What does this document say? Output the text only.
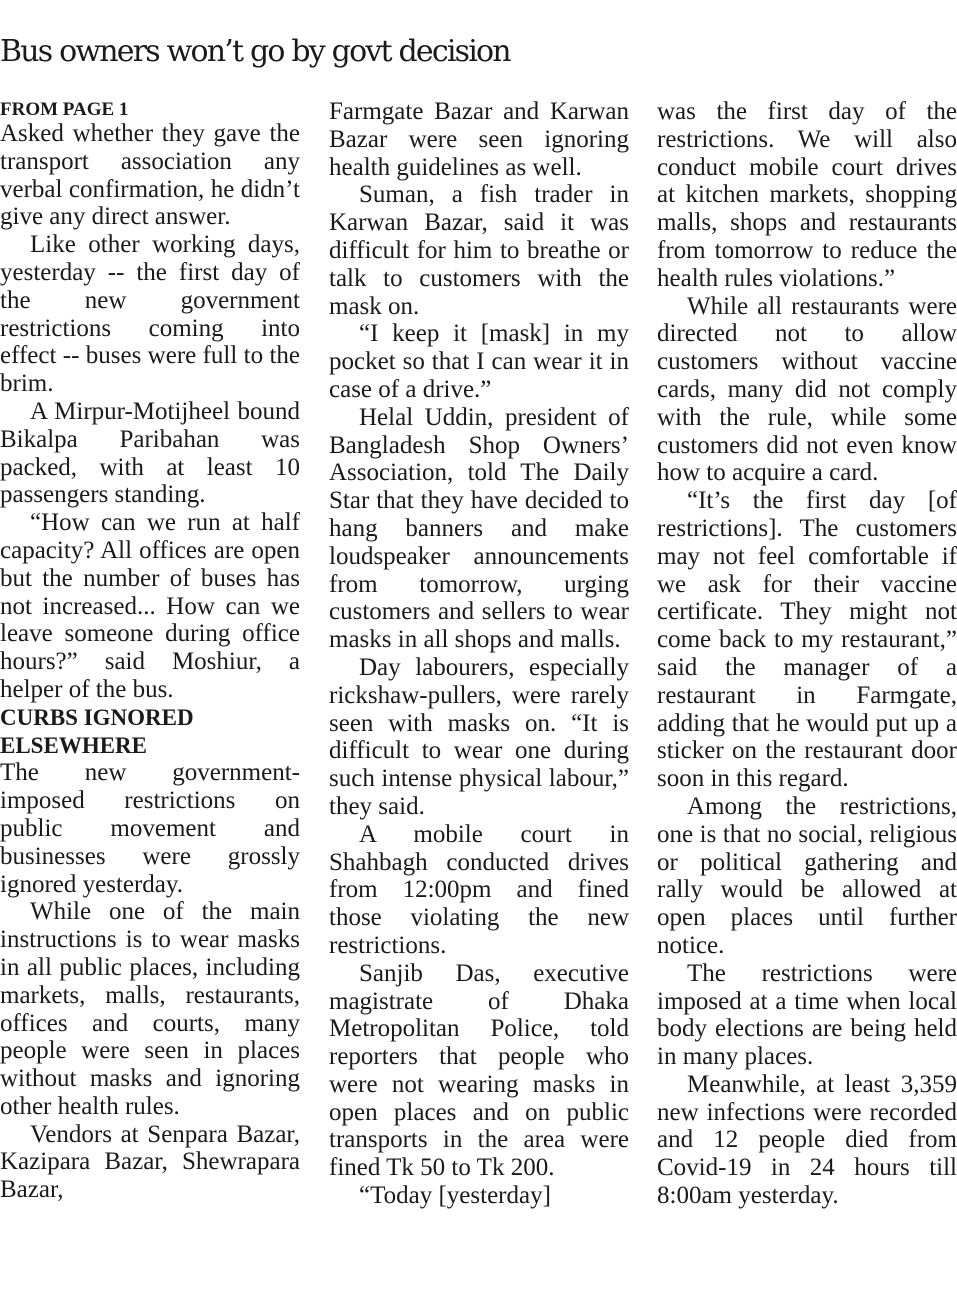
Bus owners won’t go by govt decision
FROM PAGE 1

Asked whether they gave the transport association any verbal confirmation, he didn’t give any direct answer.

Like other working days, yesterday -- the first day of the new government restrictions coming into effect -- buses were full to the brim.

A Mirpur-Motijheel bound Bikalpa Paribahan was packed, with at least 10 passengers standing.

“How can we run at half capacity? All offices are open but the number of buses has not increased... How can we leave someone during office hours?” said Moshiur, a helper of the bus.

CURBS IGNORED ELSEWHERE

The new government-imposed restrictions on public movement and businesses were grossly ignored yesterday.

While one of the main instructions is to wear masks in all public places, including markets, malls, restaurants, offices and courts, many people were seen in places without masks and ignoring other health rules.

Vendors at Senpara Bazar, Kazipara Bazar, Shewrapara Bazar,

Farmgate Bazar and Karwan Bazar were seen ignoring health guidelines as well.

Suman, a fish trader in Karwan Bazar, said it was difficult for him to breathe or talk to customers with the mask on.

“I keep it [mask] in my pocket so that I can wear it in case of a drive.”

Helal Uddin, president of Bangladesh Shop Owners’ Association, told The Daily Star that they have decided to hang banners and make loudspeaker announcements from tomorrow, urging customers and sellers to wear masks in all shops and malls.

Day labourers, especially rickshaw-pullers, were rarely seen with masks on. “It is difficult to wear one during such intense physical labour,” they said.

A mobile court in Shahbagh conducted drives from 12:00pm and fined those violating the new restrictions.

Sanjib Das, executive magistrate of Dhaka Metropolitan Police, told reporters that people who were not wearing masks in open places and on public transports in the area were fined Tk 50 to Tk 200.

“Today [yesterday]

was the first day of the restrictions. We will also conduct mobile court drives at kitchen markets, shopping malls, shops and restaurants from tomorrow to reduce the health rules violations.”

While all restaurants were directed not to allow customers without vaccine cards, many did not comply with the rule, while some customers did not even know how to acquire a card.

“It’s the first day [of restrictions]. The customers may not feel comfortable if we ask for their vaccine certificate. They might not come back to my restaurant,” said the manager of a restaurant in Farmgate, adding that he would put up a sticker on the restaurant door soon in this regard.

Among the restrictions, one is that no social, religious or political gathering and rally would be allowed at open places until further notice.

The restrictions were imposed at a time when local body elections are being held in many places.

Meanwhile, at least 3,359 new infections were recorded and 12 people died from Covid-19 in 24 hours till 8:00am yesterday.
